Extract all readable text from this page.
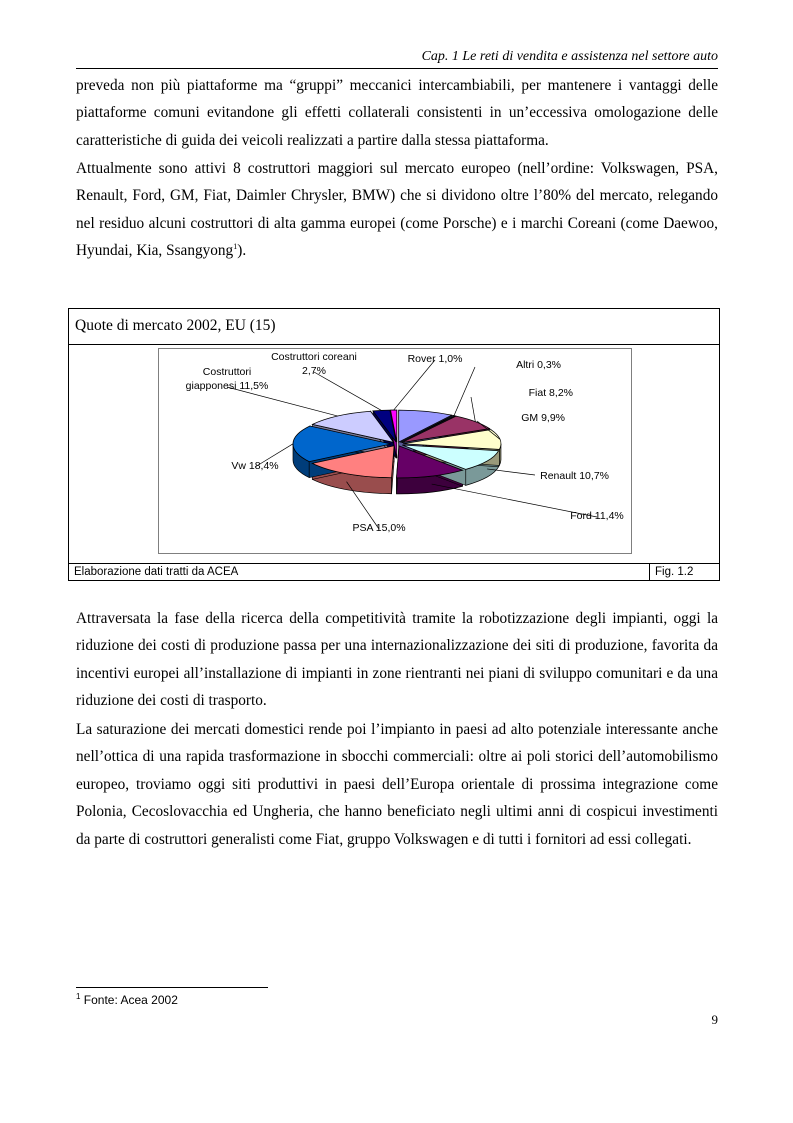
Cap. 1 Le reti di vendita e assistenza nel settore auto

preveda non più piattaforme ma “gruppi” meccanici intercambiabili, per mantenere i vantaggi delle piattaforme comuni evitandone gli effetti collaterali consistenti in un’eccessiva omologazione delle caratteristiche di guida dei veicoli realizzati a partire dalla stessa piattaforma.

Attualmente sono attivi 8 costruttori maggiori sul mercato europeo (nell’ordine: Volkswagen, PSA, Renault, Ford, GM, Fiat, Daimler Chrysler, BMW) che si dividono oltre l’80% del mercato, relegando nel residuo alcuni costruttori di alta gamma europei (come Porsche) e i marchi Coreani (come Daewoo, Hyundai, Kia, Ssangyong$^1$).

Quote di mercato 2002, EU (15)
Altri 0,3%
Fiat 8,2%
GM 9,9%
Renault 10,7%
Ford 11,4%
PSA 15,0%
Vw 18,4%
Costruttori giapponesi 11,5%
Costruttori coreani 2,7%
Rover 1,0%
Elaborazione dati tratti da ACEA	Fig. 1.2

Attraversata la fase della ricerca della competitività tramite la robotizzazione degli impianti, oggi la riduzione dei costi di produzione passa per una internazionalizzazione dei siti di produzione, favorita da incentivi europei all’installazione di impianti in zone rientranti nei piani di sviluppo comunitari e da una riduzione dei costi di trasporto.

La saturazione dei mercati domestici rende poi l’impianto in paesi ad alto potenziale interessante anche nell’ottica di una rapida trasformazione in sbocchi commerciali: oltre ai poli storici dell’automobilismo europeo, troviamo oggi siti produttivi in paesi dell’Europa orientale di prossima integrazione come Polonia, Cecoslovacchia ed Ungheria, che hanno beneficiato negli ultimi anni di cospicui investimenti da parte di costruttori generalisti come Fiat, gruppo Volkswagen e di tutti i fornitori ad essi collegati.

$^1$ Fonte: Acea 2002
9
